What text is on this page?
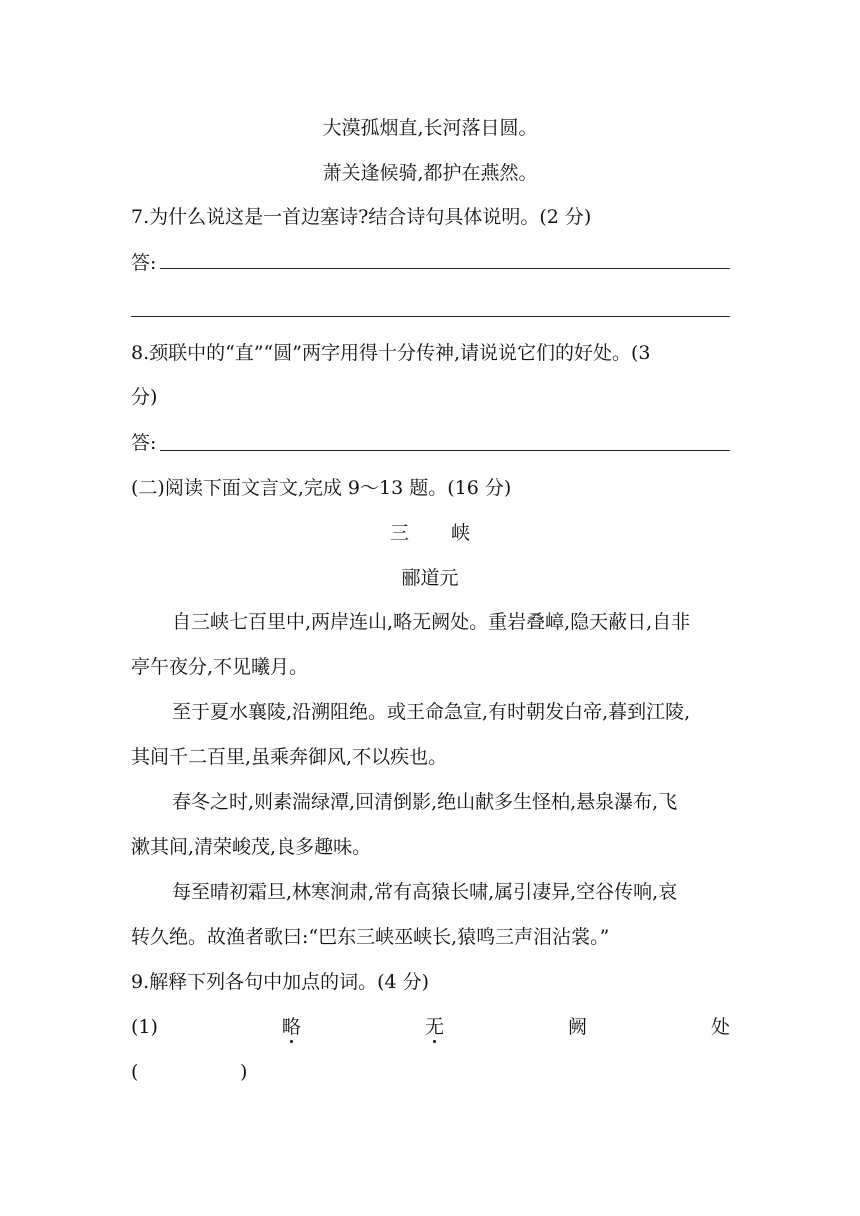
大漠孤烟直,长河落日圆。
萧关逢候骑,都护在燕然。
7.为什么说这是一首边塞诗?结合诗句具体说明。(2 分)
答:
8.颈联中的“直”“圆”两字用得十分传神,请说说它们的好处。(3
分)
答:
(二)阅读下面文言文,完成 9～13 题。(16 分)
三 峡
郦道元
自三峡七百里中,两岸连山,略无阙处。重岩叠嶂,隐天蔽日,自非
亭午夜分,不见曦月。
至于夏水襄陵,沿溯阻绝。或王命急宣,有时朝发白帝,暮到江陵,
其间千二百里,虽乘奔御风,不以疾也。
春冬之时,则素湍绿潭,回清倒影,绝山献多生怪柏,悬泉瀑布,飞
漱其间,清荣峻茂,良多趣味。
每至晴初霜旦,林寒涧肃,常有高猿长啸,属引凄异,空谷传响,哀
转久绝。故渔者歌曰:“巴东三峡巫峡长,猿鸣三声泪沾裳。”
9.解释下列各句中加点的词。(4 分)
(1)	略	无	阙	处
(	)
